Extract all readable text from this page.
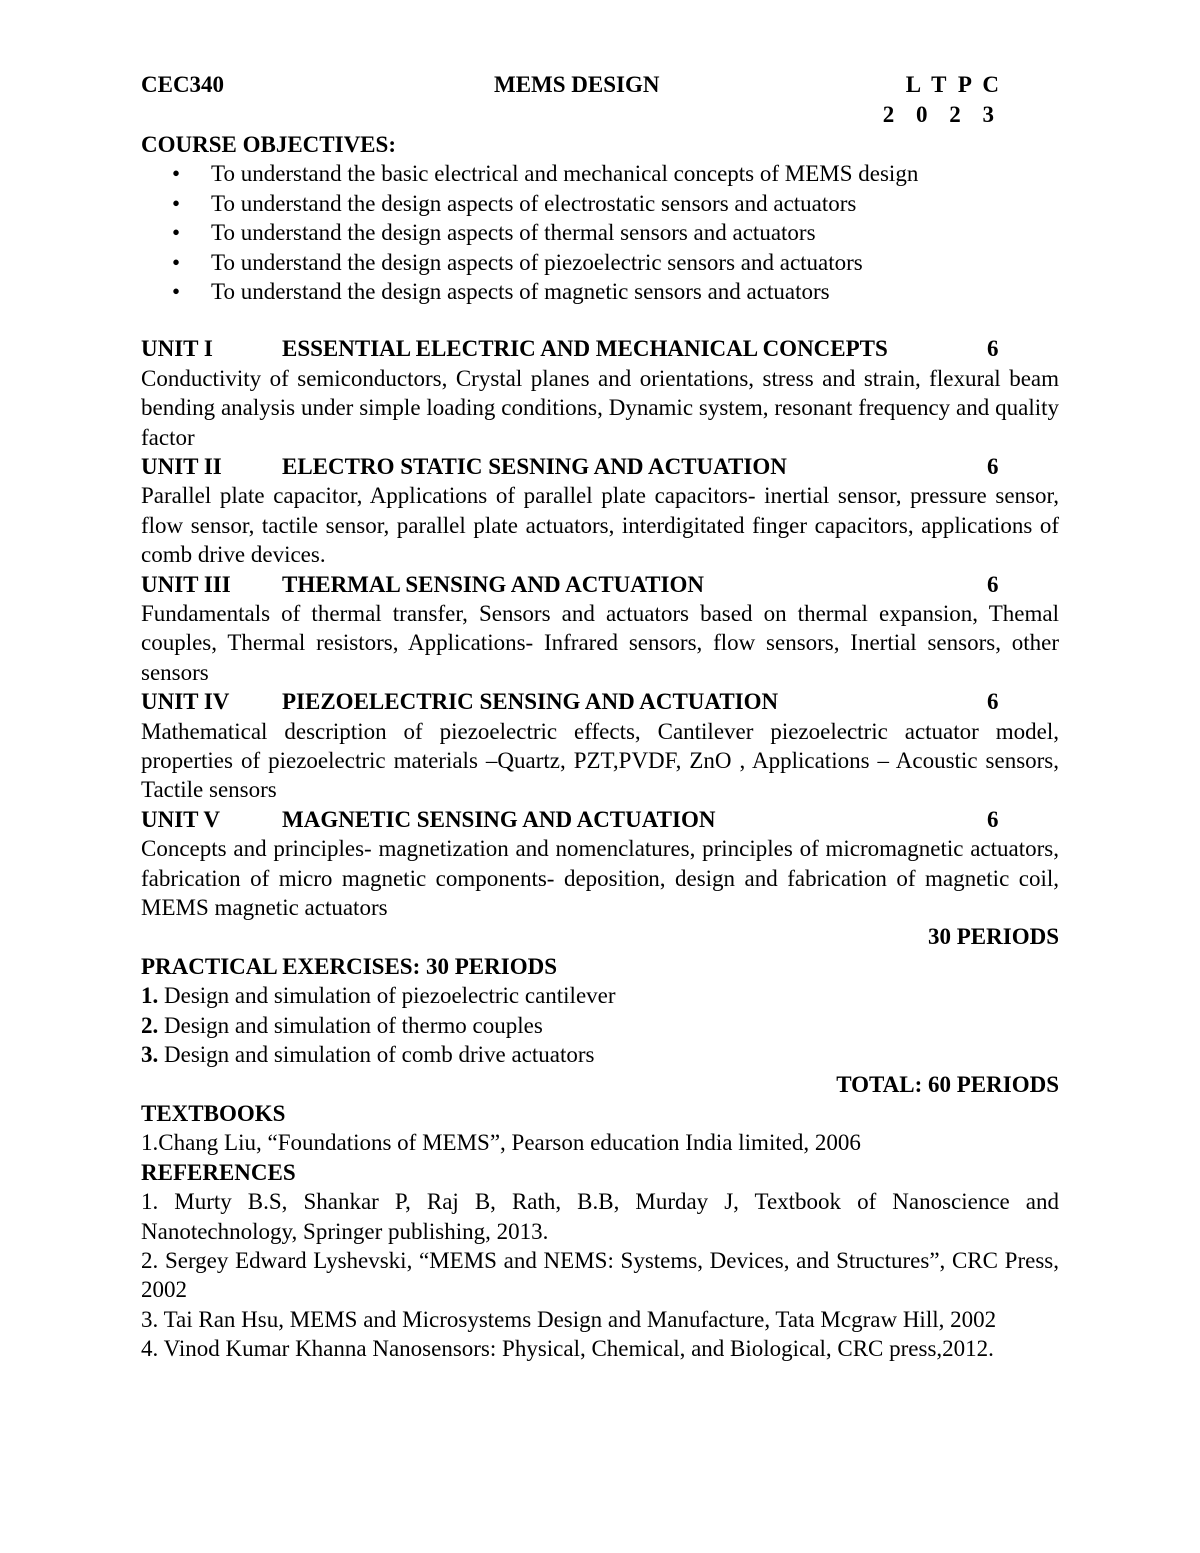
CEC340	MEMS DESIGN	L T P C
2 0 2 3
COURSE OBJECTIVES:
• To understand the basic electrical and mechanical concepts of MEMS design
• To understand the design aspects of electrostatic sensors and actuators
• To understand the design aspects of thermal sensors and actuators
• To understand the design aspects of piezoelectric sensors and actuators
• To understand the design aspects of magnetic sensors and actuators
UNIT I	ESSENTIAL ELECTRIC AND MECHANICAL CONCEPTS	6
Conductivity of semiconductors, Crystal planes and orientations, stress and strain, flexural beam bending analysis under simple loading conditions, Dynamic system, resonant frequency and quality factor
UNIT II	ELECTRO STATIC SESNING AND ACTUATION	6
Parallel plate capacitor, Applications of parallel plate capacitors- inertial sensor, pressure sensor, flow sensor, tactile sensor, parallel plate actuators, interdigitated finger capacitors, applications of comb drive devices.
UNIT III THERMAL SENSING AND ACTUATION	6
Fundamentals of thermal transfer, Sensors and actuators based on thermal expansion, Themal couples, Thermal resistors, Applications- Infrared sensors, flow sensors, Inertial sensors, other sensors
UNIT IV PIEZOELECTRIC SENSING AND ACTUATION	6
Mathematical description of piezoelectric effects, Cantilever piezoelectric actuator model, properties of piezoelectric materials –Quartz, PZT,PVDF, ZnO , Applications – Acoustic sensors, Tactile sensors
UNIT V	MAGNETIC SENSING AND ACTUATION	6
Concepts and principles- magnetization and nomenclatures, principles of micromagnetic actuators, fabrication of micro magnetic components- deposition, design and fabrication of magnetic coil, MEMS magnetic actuators
30 PERIODS
PRACTICAL EXERCISES: 30 PERIODS
1. Design and simulation of piezoelectric cantilever
2. Design and simulation of thermo couples
3. Design and simulation of comb drive actuators
TOTAL: 60 PERIODS
TEXTBOOKS
1.Chang Liu, “Foundations of MEMS”, Pearson education India limited, 2006
REFERENCES
1. Murty B.S, Shankar P, Raj B, Rath, B.B, Murday J, Textbook of Nanoscience and Nanotechnology, Springer publishing, 2013.
2. Sergey Edward Lyshevski, “MEMS and NEMS: Systems, Devices, and Structures”, CRC Press, 2002
3. Tai Ran Hsu, MEMS and Microsystems Design and Manufacture, Tata Mcgraw Hill, 2002
4. Vinod Kumar Khanna Nanosensors: Physical, Chemical, and Biological, CRC press,2012.
